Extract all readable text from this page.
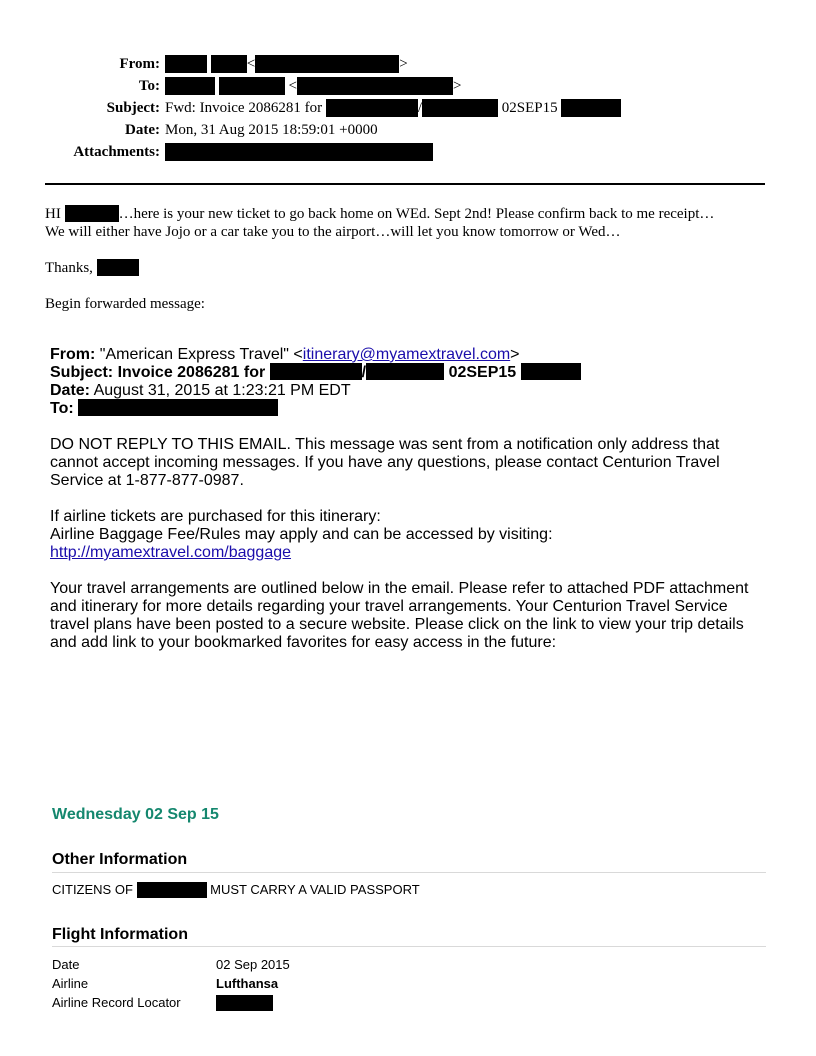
From:	<	>
To:	<	>
Subject: Fwd: Invoice 2086281 for	/	02SEP15
Date: Mon, 31 Aug 2015 18:59:01 +0000
Attachments:
HI	…here is your new ticket to go back home on WEd. Sept 2nd! Please confirm back to me receipt…
We will either have Jojo or a car take you to the airport…will let you know tomorrow or Wed…
Thanks,
Begin forwarded message:
From: "American Express Travel" <itinerary@myamextravel.com>
Subject: Invoice 2086281 for	/	02SEP15
Date: August 31, 2015 at 1:23:21 PM EDT
To:
DO NOT REPLY TO THIS EMAIL. This message was sent from a notification only address that cannot accept incoming messages. If you have any questions, please contact Centurion Travel Service at 1-877-877-0987.
If airline tickets are purchased for this itinerary:
Airline Baggage Fee/Rules may apply and can be accessed by visiting:
http://myamextravel.com/baggage
Your travel arrangements are outlined below in the email. Please refer to attached PDF attachment and itinerary for more details regarding your travel arrangements. Your Centurion Travel Service travel plans have been posted to a secure website. Please click on the link to view your trip details and add link to your bookmarked favorites for easy access in the future:
Wednesday 02 Sep 15
Other Information
CITIZENS OF	MUST CARRY A VALID PASSPORT
Flight Information
Date	02 Sep 2015
Airline	Lufthansa
Airline Record Locator
